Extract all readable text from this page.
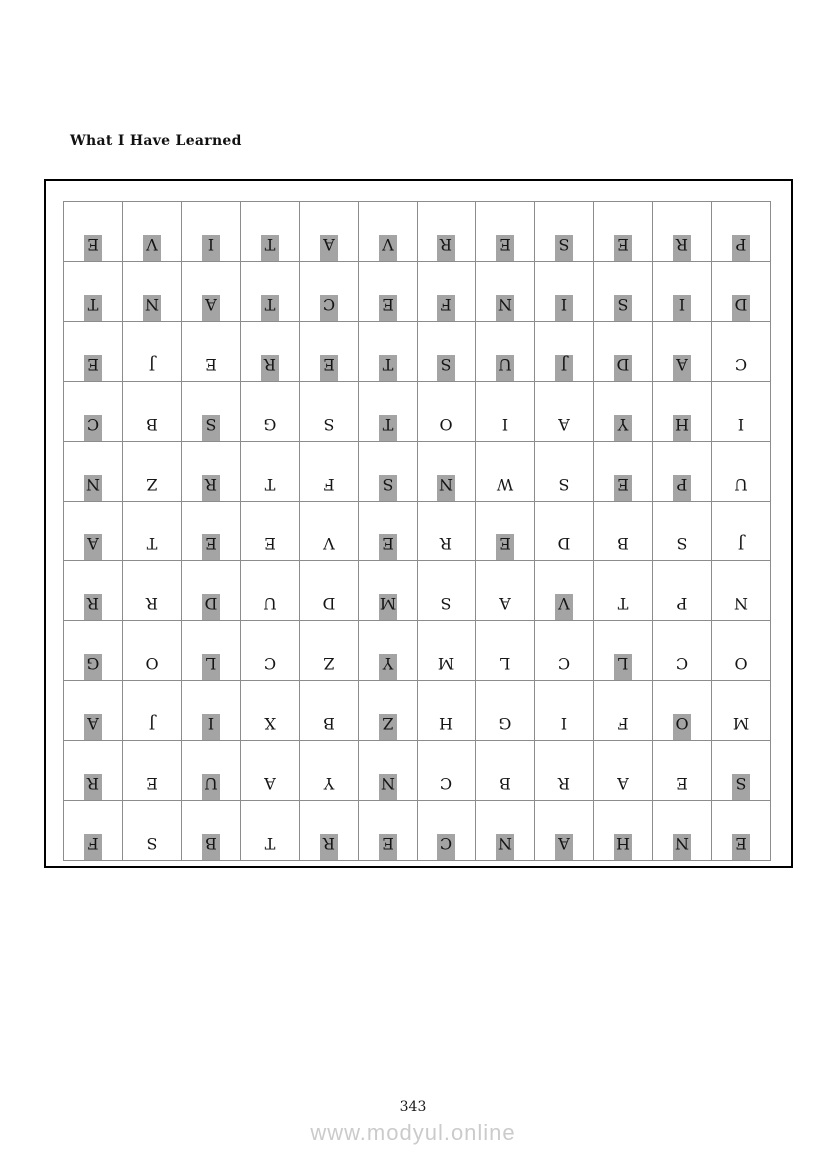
What I Have Learned
E	V	I	T	A	V	R	E	S	E	R	P
T	N	A	T	C	E	F	N	I	S	I	D
E	J	E	R	E	T	S	U	J	D	A	C
C	B	S	G	S	T	O	I	A	Y	H	I
N	Z	R	T	F	S	N	W	S	E	P	U
A	T	E	E	V	E	R	E	D	B	S	J
R	R	D	U	D	M	S	A	V	T	P	N
G	O	L	C	Z	Y	M	L	C	L	C	O
A	J	I	X	B	Z	H	G	I	F	O	M
R	E	U	A	Y	N	C	B	R	A	E	S
F	S	B	T	R	E	C	N	A	H	N	E
343
www.modyul.online
